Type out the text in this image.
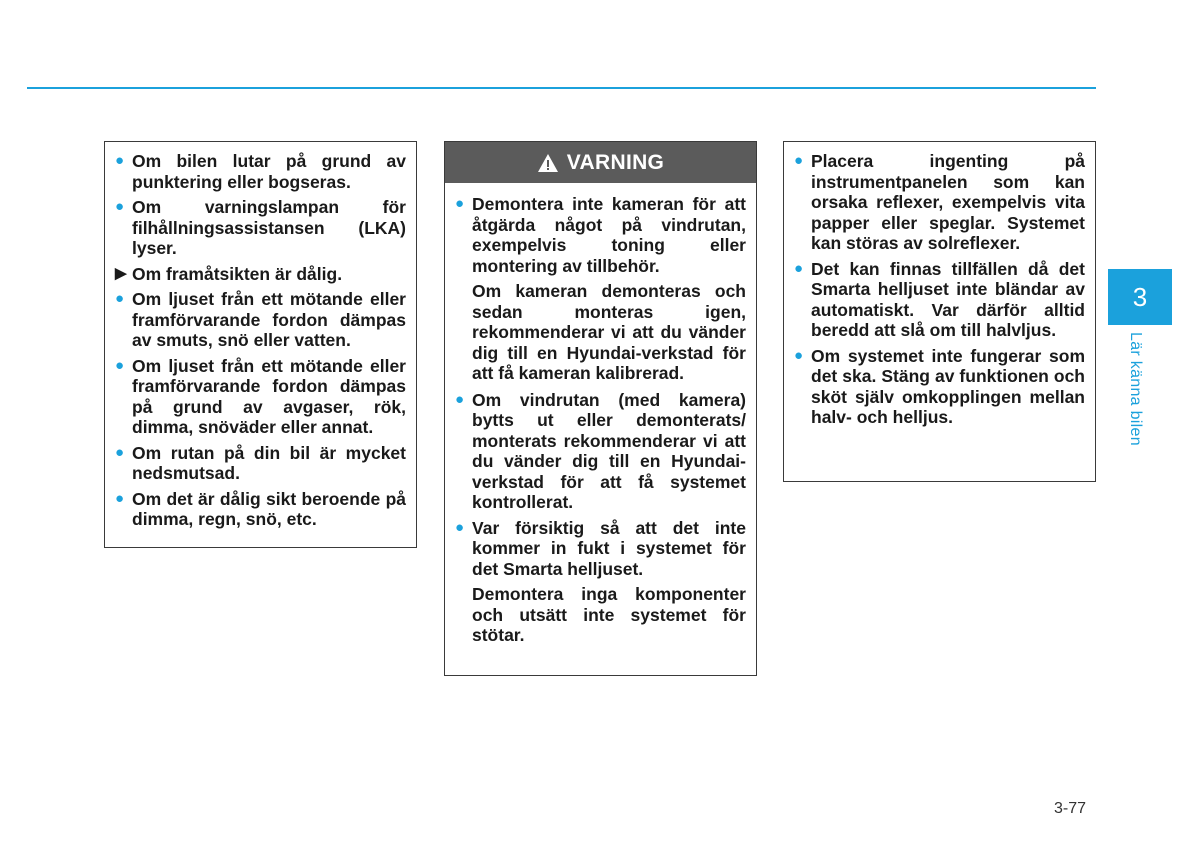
● Om bilen lutar på grund av punktering eller bogseras.
● Om varningslampan för filhållningsassistansen (LKA) lyser.
▶ Om framåtsikten är dålig.
● Om ljuset från ett mötande eller framförvarande fordon dämpas av smuts, snö eller vatten.
● Om ljuset från ett mötande eller framförvarande fordon dämpas på grund av avgaser, rök, dimma, snöväder eller annat.
● Om rutan på din bil är mycket nedsmutsad.
● Om det är dålig sikt beroende på dimma, regn, snö, etc.
VARNING
● Demontera inte kameran för att åtgärda något på vindrutan, exempelvis toning eller montering av tillbehör.
Om kameran demonteras och sedan monteras igen, rekommenderar vi att du vänder dig till en Hyundai-verkstad för att få kameran kalibrerad.
● Om vindrutan (med kamera) bytts ut eller demonterats/ monterats rekommenderar vi att du vänder dig till en Hyundai-verkstad för att få systemet kontrollerat.
● Var försiktig så att det inte kommer in fukt i systemet för det Smarta helljuset.
Demontera inga komponenter och utsätt inte systemet för stötar.
● Placera ingenting på instrumentpanelen som kan orsaka reflexer, exempelvis vita papper eller speglar. Systemet kan störas av solreflexer.
● Det kan finnas tillfällen då det Smarta helljuset inte bländar av automatiskt. Var därför alltid beredd att slå om till halvljus.
● Om systemet inte fungerar som det ska. Stäng av funktionen och sköt själv omkopplingen mellan halv- och helljus.
3
Lär känna bilen
3-77
